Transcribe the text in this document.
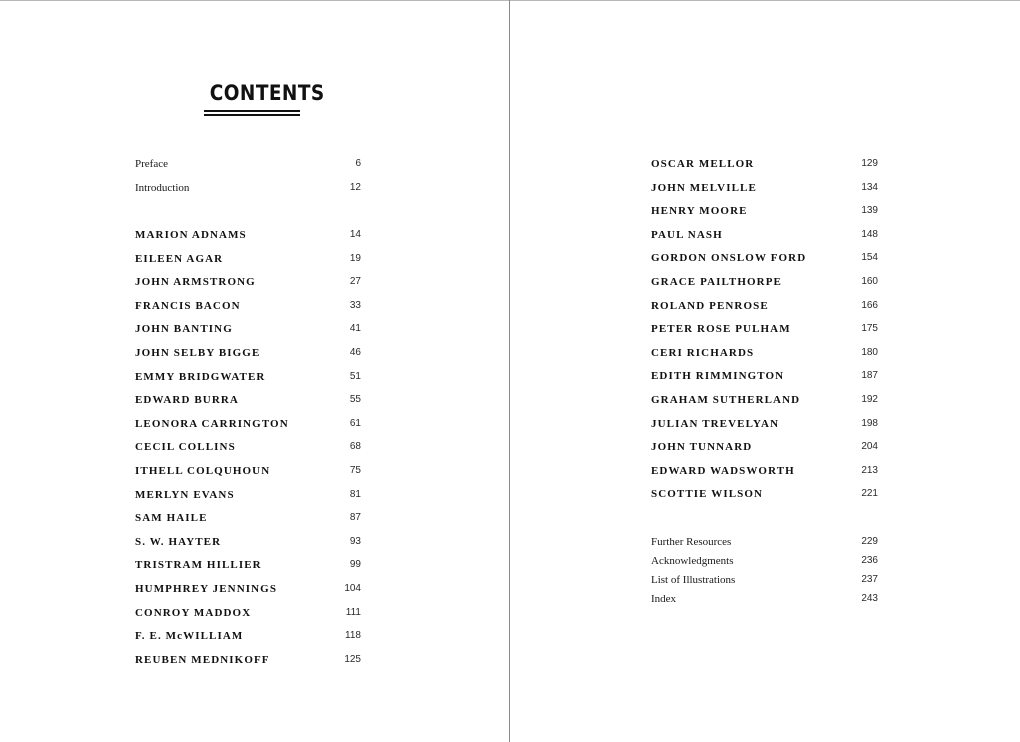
CONTENTS
Preface	6
Introduction	12
MARION ADNAMS	14
EILEEN AGAR	19
JOHN ARMSTRONG	27
FRANCIS BACON	33
JOHN BANTING	41
JOHN SELBY BIGGE	46
EMMY BRIDGWATER	51
EDWARD BURRA	55
LEONORA CARRINGTON	61
CECIL COLLINS	68
ITHELL COLQUHOUN	75
MERLYN EVANS	81
SAM HAILE	87
S. W. HAYTER	93
TRISTRAM HILLIER	99
HUMPHREY JENNINGS	104
CONROY MADDOX	111
F. E. McWILLIAM	118
REUBEN MEDNIKOFF	125
OSCAR MELLOR	129
JOHN MELVILLE	134
HENRY MOORE	139
PAUL NASH	148
GORDON ONSLOW FORD	154
GRACE PAILTHORPE	160
ROLAND PENROSE	166
PETER ROSE PULHAM	175
CERI RICHARDS	180
EDITH RIMMINGTON	187
GRAHAM SUTHERLAND	192
JULIAN TREVELYAN	198
JOHN TUNNARD	204
EDWARD WADSWORTH	213
SCOTTIE WILSON	221
Further Resources	229
Acknowledgments	236
List of Illustrations	237
Index	243
